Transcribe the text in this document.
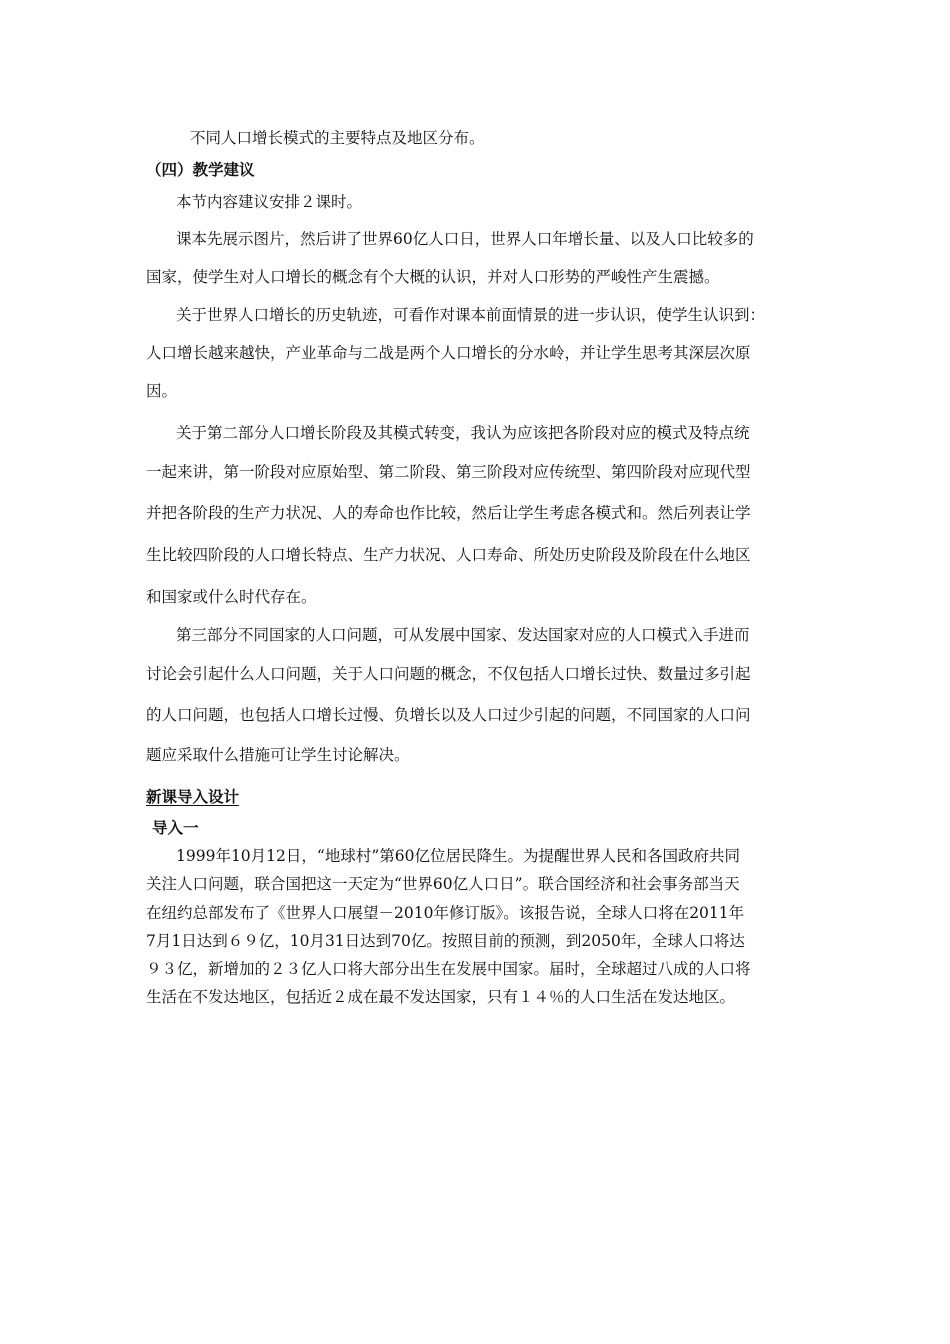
不同人口增长模式的主要特点及地区分布。
（四）教学建议
本节内容建议安排２课时。
课本先展示图片，然后讲了世界60亿人口日，世界人口年增长量、以及人口比较多的
国家，使学生对人口增长的概念有个大概的认识，并对人口形势的严峻性产生震撼。
关于世界人口增长的历史轨迹，可看作对课本前面情景的进一步认识，使学生认识到：
人口增长越来越快，产业革命与二战是两个人口增长的分水岭，并让学生思考其深层次原
因。
关于第二部分人口增长阶段及其模式转变，我认为应该把各阶段对应的模式及特点统
一起来讲，第一阶段对应原始型、第二阶段、第三阶段对应传统型、第四阶段对应现代型
并把各阶段的生产力状况、人的寿命也作比较，然后让学生考虑各模式和。然后列表让学
生比较四阶段的人口增长特点、生产力状况、人口寿命、所处历史阶段及阶段在什么地区
和国家或什么时代存在。
第三部分不同国家的人口问题，可从发展中国家、发达国家对应的人口模式入手进而
讨论会引起什么人口问题，关于人口问题的概念，不仅包括人口增长过快、数量过多引起
的人口问题，也包括人口增长过慢、负增长以及人口过少引起的问题，不同国家的人口问
题应采取什么措施可让学生讨论解决。
新课导入设计
导入一
1999年10月12日，“地球村”第60亿位居民降生。为提醒世界人民和各国政府共同
关注人口问题，联合国把这一天定为“世界60亿人口日”。联合国经济和社会事务部当天
在纽约总部发布了《世界人口展望－2010年修订版》。该报告说，全球人口将在2011年
7月1日达到６９亿，10月31日达到70亿。按照目前的预测，到2050年，全球人口将达
９３亿，新增加的２３亿人口将大部分出生在发展中国家。届时，全球超过八成的人口将
生活在不发达地区，包括近２成在最不发达国家，只有１４％的人口生活在发达地区。
